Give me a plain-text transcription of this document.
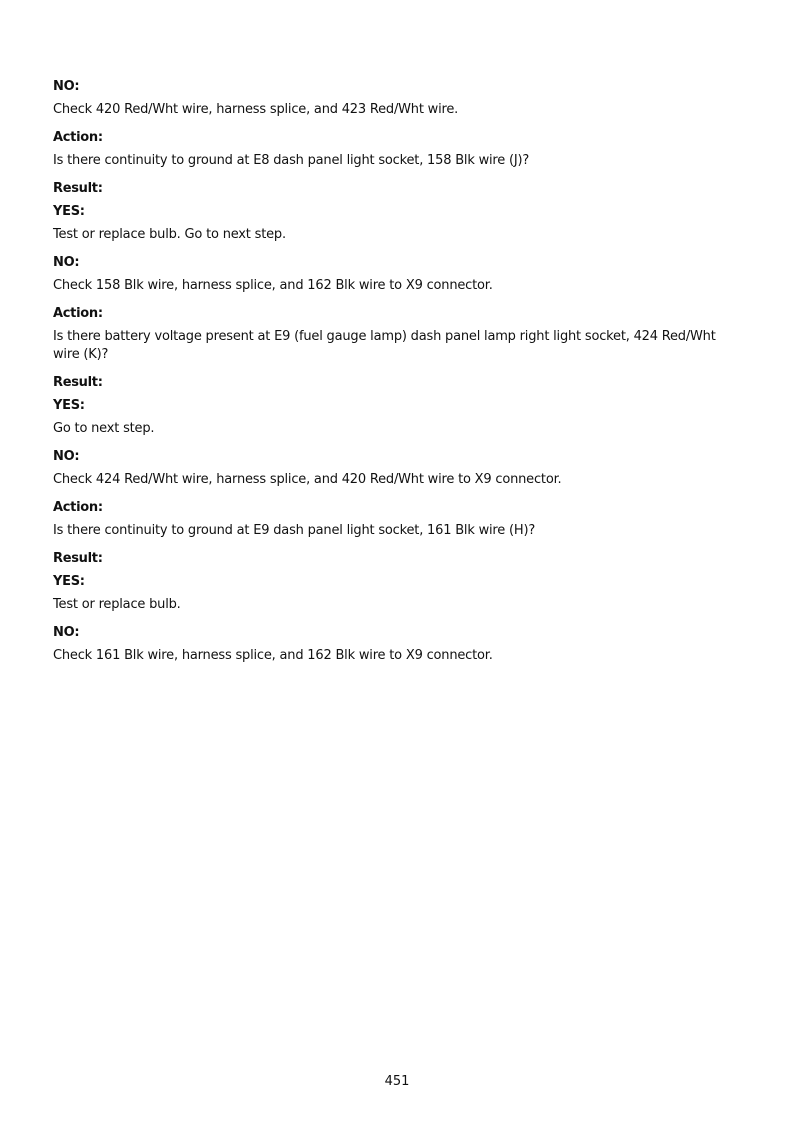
NO:
Check 420 Red/Wht wire, harness splice, and 423 Red/Wht wire.
Action:
Is there continuity to ground at E8 dash panel light socket, 158 Blk wire (J)?
Result:
YES:
Test or replace bulb. Go to next step.
NO:
Check 158 Blk wire, harness splice, and 162 Blk wire to X9 connector.
Action:
Is there battery voltage present at E9 (fuel gauge lamp) dash panel lamp right light socket, 424 Red/Wht wire (K)?
Result:
YES:
Go to next step.
NO:
Check 424 Red/Wht wire, harness splice, and 420 Red/Wht wire to X9 connector.
Action:
Is there continuity to ground at E9 dash panel light socket, 161 Blk wire (H)?
Result:
YES:
Test or replace bulb.
NO:
Check 161 Blk wire, harness splice, and 162 Blk wire to X9 connector.
451
